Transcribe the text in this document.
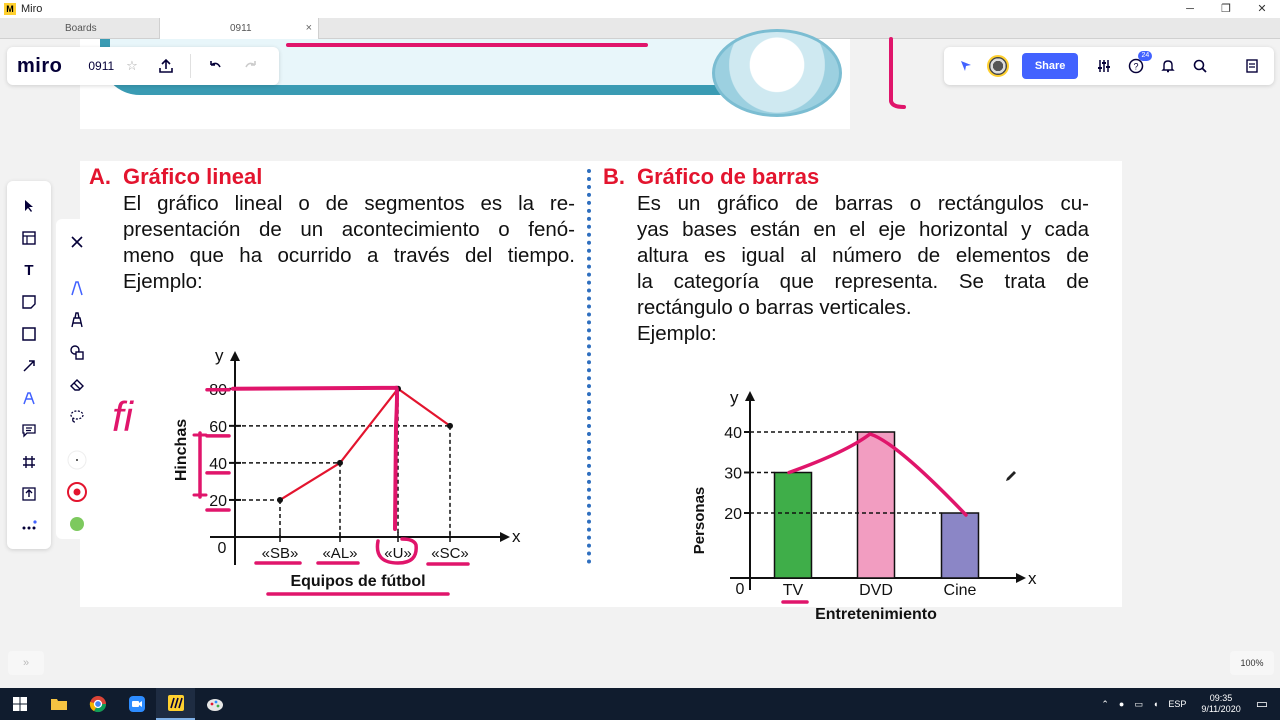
M Miro	─	❐	✕
Boards	0911	×
A. Gráfico lineal
El gráfico lineal o de segmentos es la re-
presentación de un acontecimiento o fenó-
meno que ha ocurrido a través del tiempo.
Ejemplo:
B. Gráfico de barras
Es un gráfico de barras o rectángulos cu-
yas bases están en el eje horizontal y cada
altura es igual al número de elementos de
la categoría que representa. Se trata de
rectángulo o barras verticales.
Ejemplo:
y
x
0
20
40
60
80
«SB» «AL» «U» «SC»
Hinchas
Equipos de fútbol
y
x
0
20
30
40
TV	DVD	Cine
Personas
Entretenimiento
fi
miro 0911 ☆	Share	?
24
T
»	100%
⌃ ● ▭ ◖ ESP
09:35
9/11/2020 ▭
